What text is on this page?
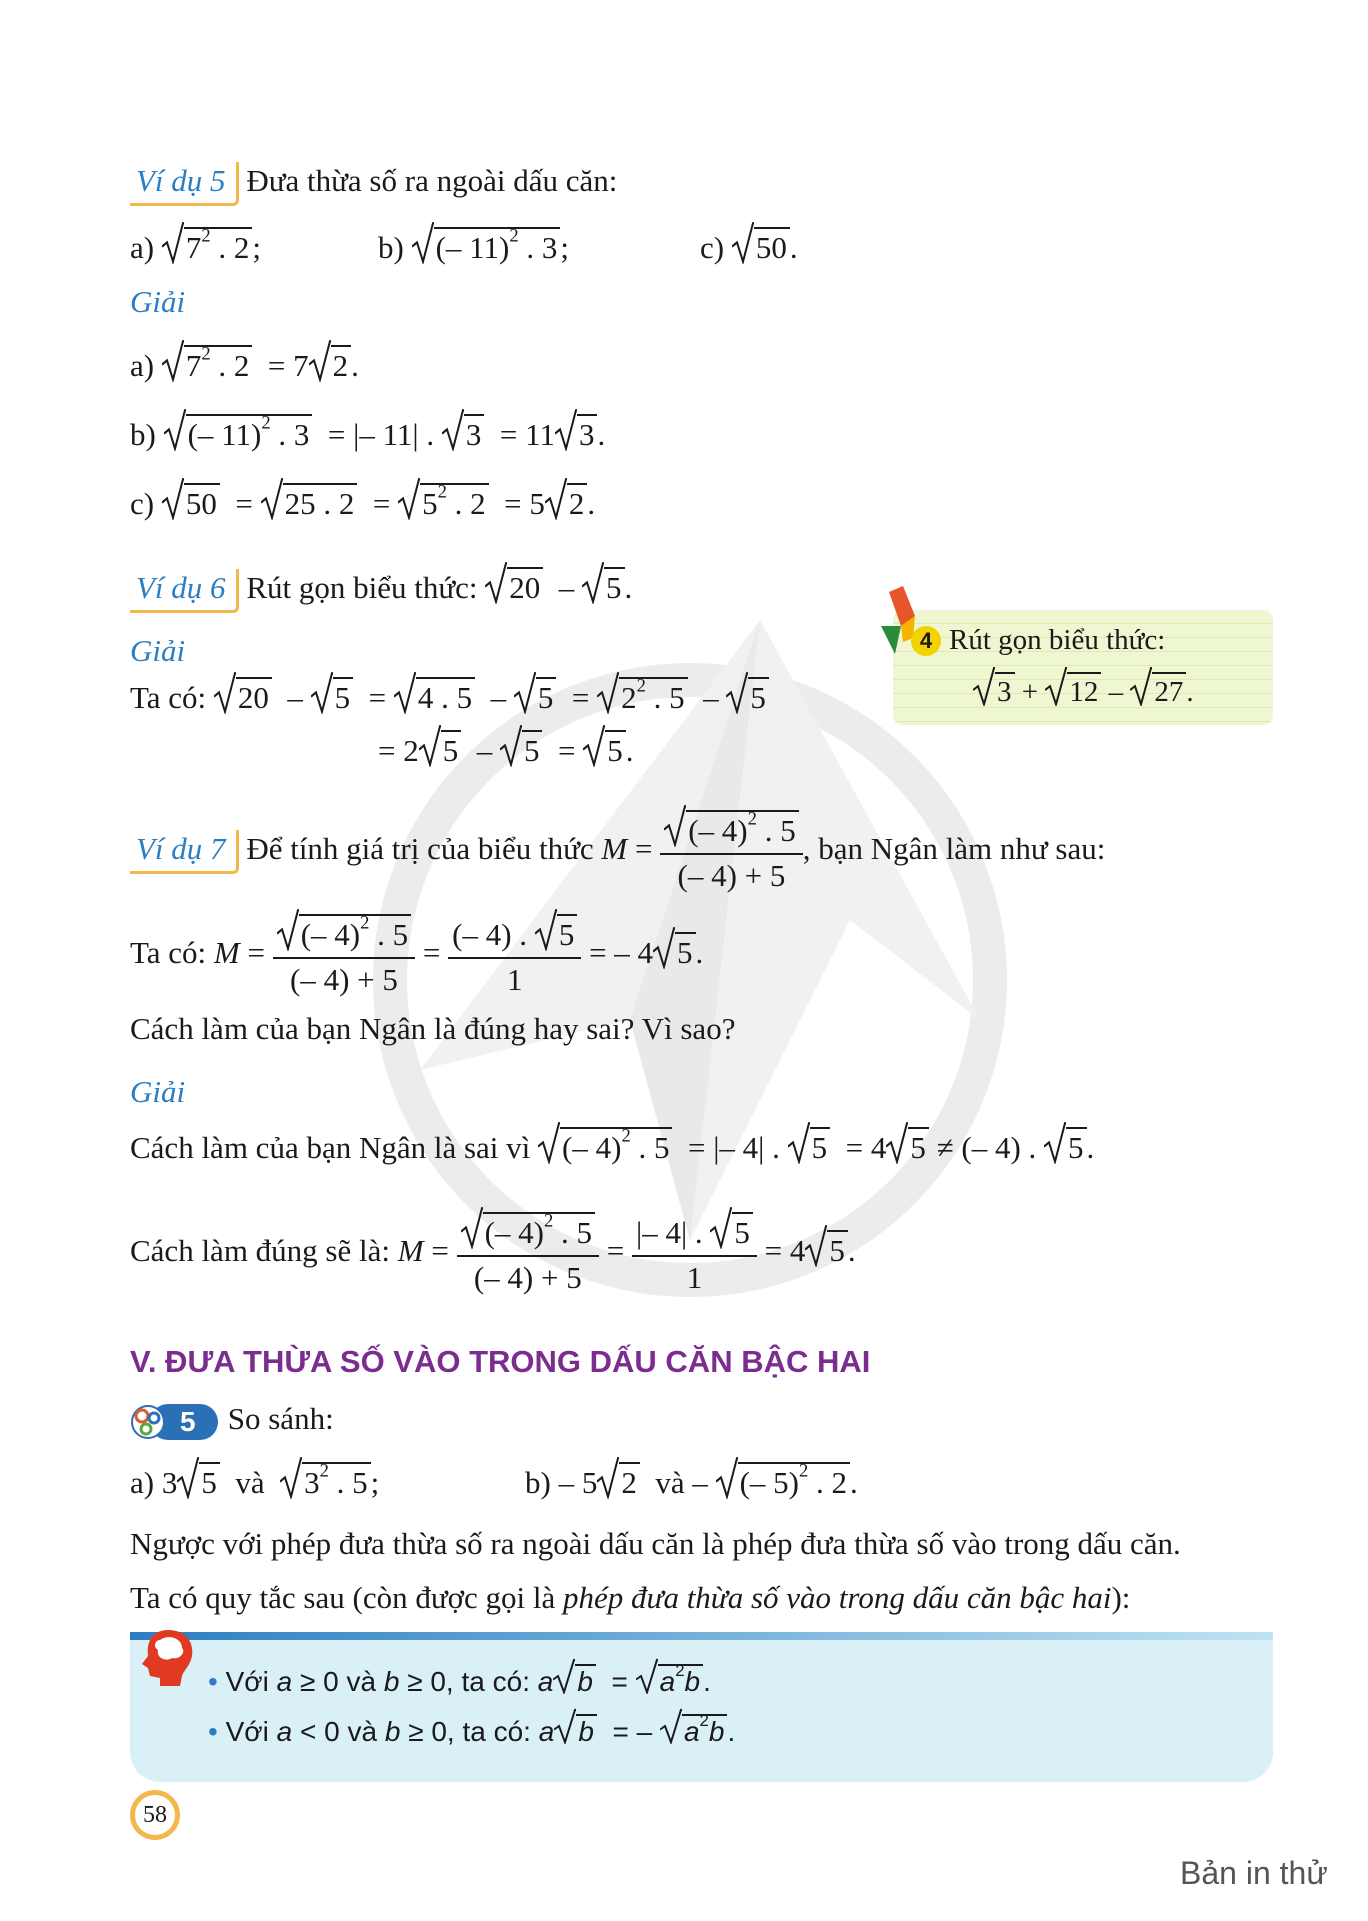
Ví dụ 5 Đưa thừa số ra ngoài dấu căn:
a) $7^2$ . 2;	b) (– 11)$^2$ . 3;	c) 50.
Giải
a)
$7^2$ . 2  = 7 2.
b)
(– 11)$^2$ . 3  = |– 11| .
3  = 11 3.
c)
50  =
25 . 2  =
$5^2$ . 2  = 5 2.
Ví dụ 6 Rút gọn biểu thức: 20  –
5.
Giải
Ta có: 20  –
5  =
4 . 5  –
5  =
$2^2$ . 5  –
5
= 2 5  –
5  =
5.
4 Rút gọn biểu thức:
3 +
12 –
27 .
Ví dụ 7 Để tính giá trị của biểu thức $M = \frac{(- 4)^2 . 5}{(- 4) + 5}$ , bạn Ngân làm như sau:
Ta có: $M = \frac{(- 4)^2 . 5}{(- 4) + 5}$ = (– 4) .
5
1 = – 4 5.
Cách làm của bạn Ngân là đúng hay sai? Vì sao?
Giải
Cách làm của bạn Ngân là sai vì (– 4)$^2$ . 5  = |– 4| .
5  = 4 5 ≠ (– 4) .
5.
Cách làm đúng sẽ là: $M = \frac{(- 4)^2 . 5}{(- 4) + 5}$ = |– 4| .
5
1 = 4 5.
V. ĐƯA THỪA SỐ VÀO TRONG DẤU CĂN BẬC HAI
5 So sánh:
a) 3 5 và $3^2$ . 5;	b) – 5 2 và –
(– 5)$^2$ . 2.
Ngược với phép đưa thừa số ra ngoài dấu căn là phép đưa thừa số vào trong dấu căn.
Ta có quy tắc sau (còn được gọi là phép đưa thừa số vào trong dấu căn bậc hai):
• Với a ≥ 0 và b ≥ 0, ta có: a b  =
$a^2b$ .
• Với a < 0 và b ≥ 0, ta có: a b  = –
$a^2b$ .
58
Bản in thử
